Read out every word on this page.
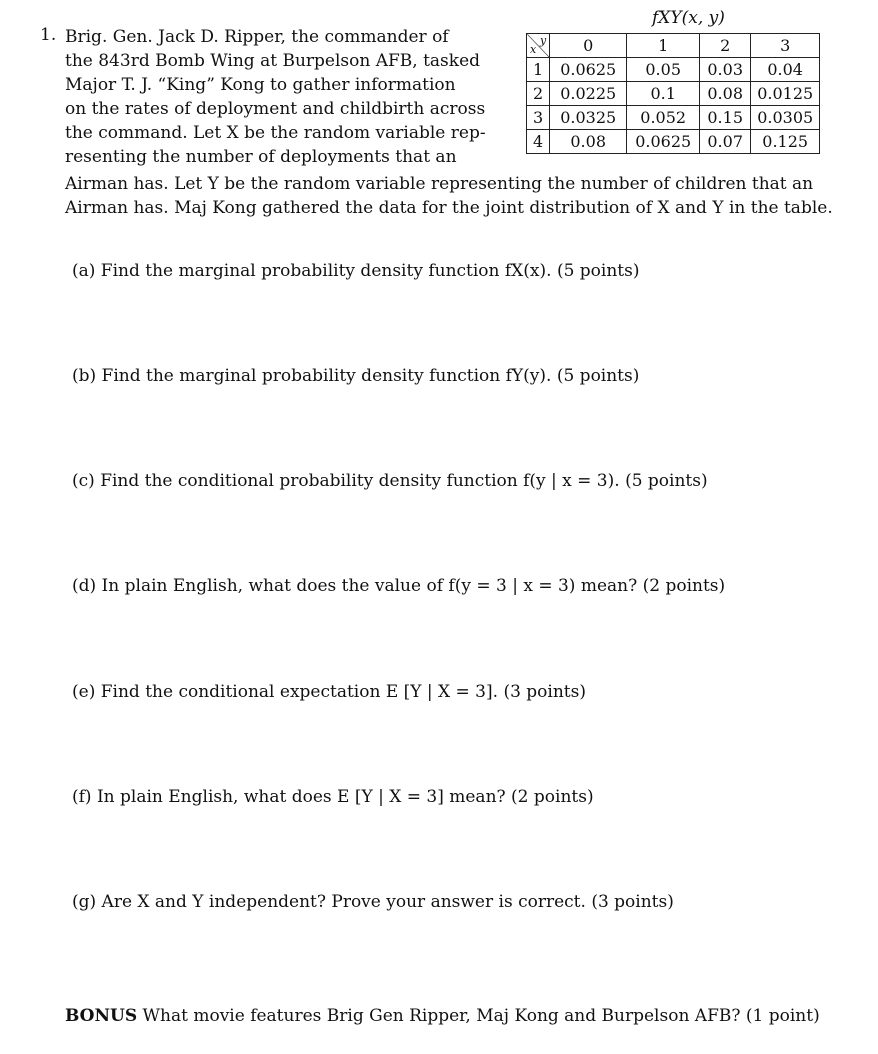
1. Brig. Gen. Jack D. Ripper, the commander of
the 843rd Bomb Wing at Burpelson AFB, tasked
Major T. J. “King” Kong to gather information
on the rates of deployment and childbirth across
the command. Let X be the random variable rep-
resenting the number of deployments that an
Airman has. Let Y be the random variable representing the number of children that an
Airman has. Maj Kong gathered the data for the joint distribution of X and Y in the table.
fXY(x, y)
x
y	0	1	2	3
1	0.0625	0.05	0.03	0.04
2	0.0225	0.1	0.08	0.0125
3	0.0325	0.052	0.15	0.0305
4	0.08	0.0625	0.07	0.125
(a) Find the marginal probability density function fX(x). (5 points)
(b) Find the marginal probability density function fY(y). (5 points)
(c) Find the conditional probability density function f(y | x = 3). (5 points)
(d) In plain English, what does the value of f(y = 3 | x = 3) mean? (2 points)
(e) Find the conditional expectation E [Y | X = 3]. (3 points)
(f) In plain English, what does E [Y | X = 3] mean? (2 points)
(g) Are X and Y independent? Prove your answer is correct. (3 points)
BONUS What movie features Brig Gen Ripper, Maj Kong and Burpelson AFB? (1 point)
